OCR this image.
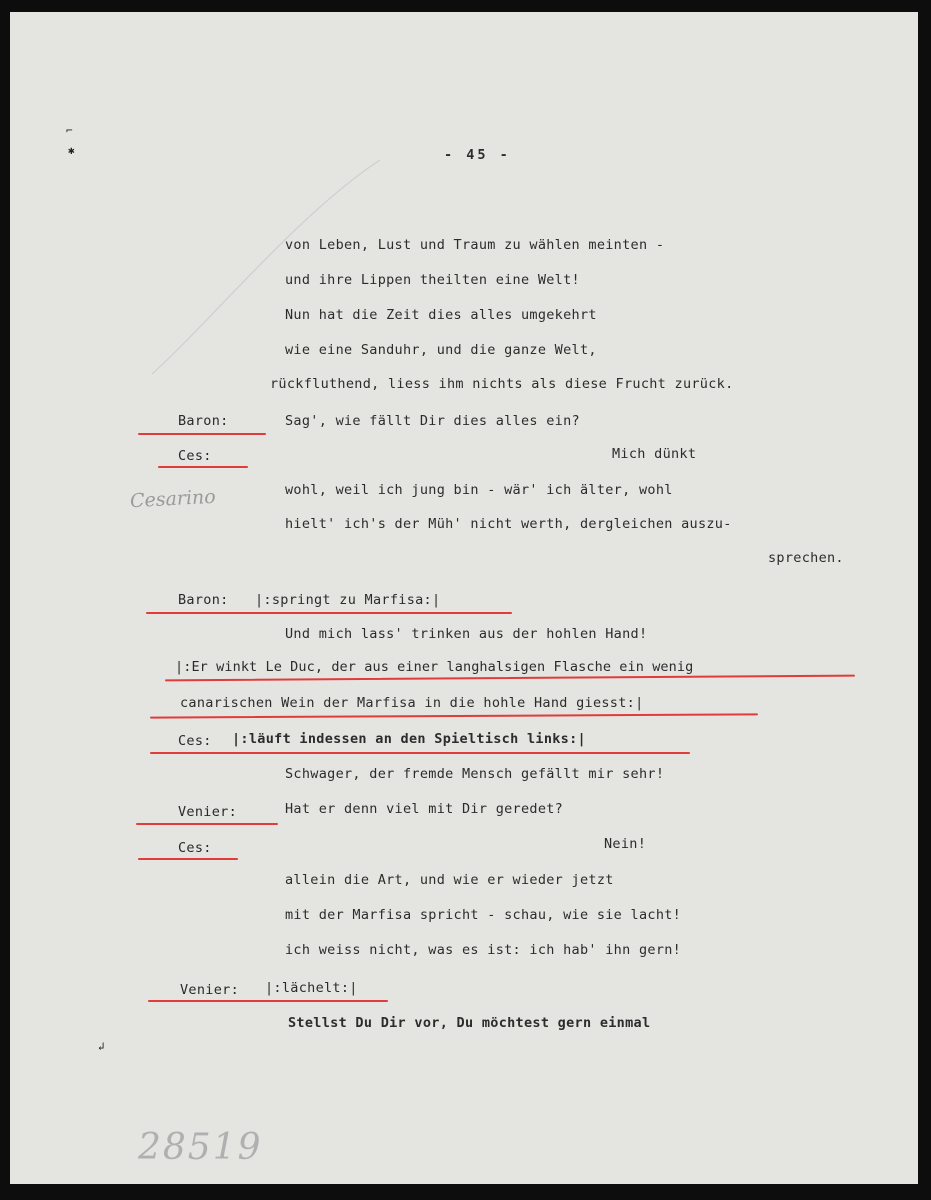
⌐
✱	- 45 -
von Leben, Lust und Traum zu wählen meinten -
und ihre Lippen theilten eine Welt!
Nun hat die Zeit dies alles umgekehrt
wie eine Sanduhr, und die ganze Welt,
rückfluthend, liess ihm nichts als diese Frucht zurück.
Baron:	Sag', wie fällt Dir dies alles ein?
Ces:	Mich dünkt
Cesarino	wohl, weil ich jung bin - wär' ich älter, wohl
hielt' ich's der Müh' nicht werth, dergleichen auszu-
sprechen.
Baron: |:springt zu Marfisa:|
Und mich lass' trinken aus der hohlen Hand!
|:Er winkt Le Duc, der aus einer langhalsigen Flasche ein wenig
canarischen Wein der Marfisa in die hohle Hand giesst:|
Ces: |:läuft indessen an den Spieltisch links:|
Schwager, der fremde Mensch gefällt mir sehr!
Venier:	Hat er denn viel mit Dir geredet?
Ces:	Nein!
allein die Art, und wie er wieder jetzt
mit der Marfisa spricht - schau, wie sie lacht!
ich weiss nicht, was es ist: ich hab' ihn gern!
Venier: |:lächelt:|
Stellst Du Dir vor, Du möchtest gern einmal
↲
28519
